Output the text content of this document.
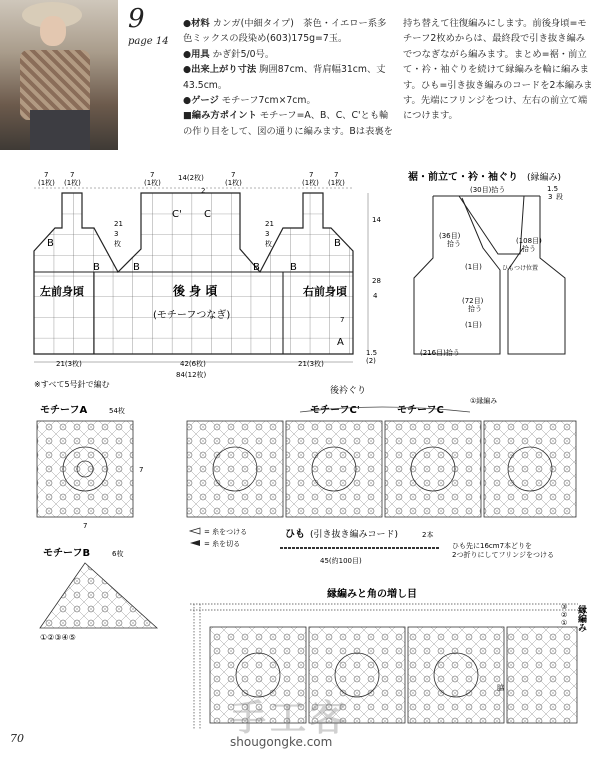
9
page 14

●材料 カンガ(中細タイプ)　茶色・イエロー系多色ミックスの段染め(603)175g=7玉。

●用具 かぎ針5/0号。

●出来上がり寸法 胸囲87cm、背肩幅31cm、丈43.5cm。

●ゲージ モチーフ7cm×7cm。

■編み方ポイント モチーフ=A、B、C、C'とも輪の作り目をして、図の通りに編みます。Bは表裏を

持ち替えて往復編みにします。前後身頃=モチーフ2枚めからは、最終段で引き抜き編みでつなぎながら編みます。まとめ=裾・前立て・衿・袖ぐりを続けて縁編みを輪に編みます。ひも=引き抜き編みのコードを2本編みます。先端にフリンジをつけ、左右の前立て端につけます。

左前身頃	後 身 頃
(モチーフつなぎ)
右前身頃
B
B	B	B	B
B
C' C
A
7
(1枚)
7
(1枚)
7
(1枚)
14(2枚)
2
7
(1枚)
7
(1枚)
7
(1枚)
21
3
枚
21
3
枚
14
28
4
1.5
(2)
7
21(3枚)	42(6枚)	21(3枚)
84(12枚)
※すべて5号針で編む
裾・前立て・衿・袖ぐり (縁編み)
(30目)拾う
(36目)
拾う	(108目)
拾う
(1目)
(72目)
拾う
(1目)
(216目)拾う
ひもつけ位置
1.5
3 段
モチーフA	54枚
7
7
モチーフB	6枚
①②③④⑤
後衿ぐり
モチーフC'	モチーフC
①縁編み
= 糸をつける
= 糸を切る
ひも (引き抜き編みコード)	2本
45(約100目)
ひも先に16cm7本どりを
2つ折りにしてフリンジをつける
縁編みと角の増し目
③
②
①
脇
縁編み
手工客
shougongke.com
70
